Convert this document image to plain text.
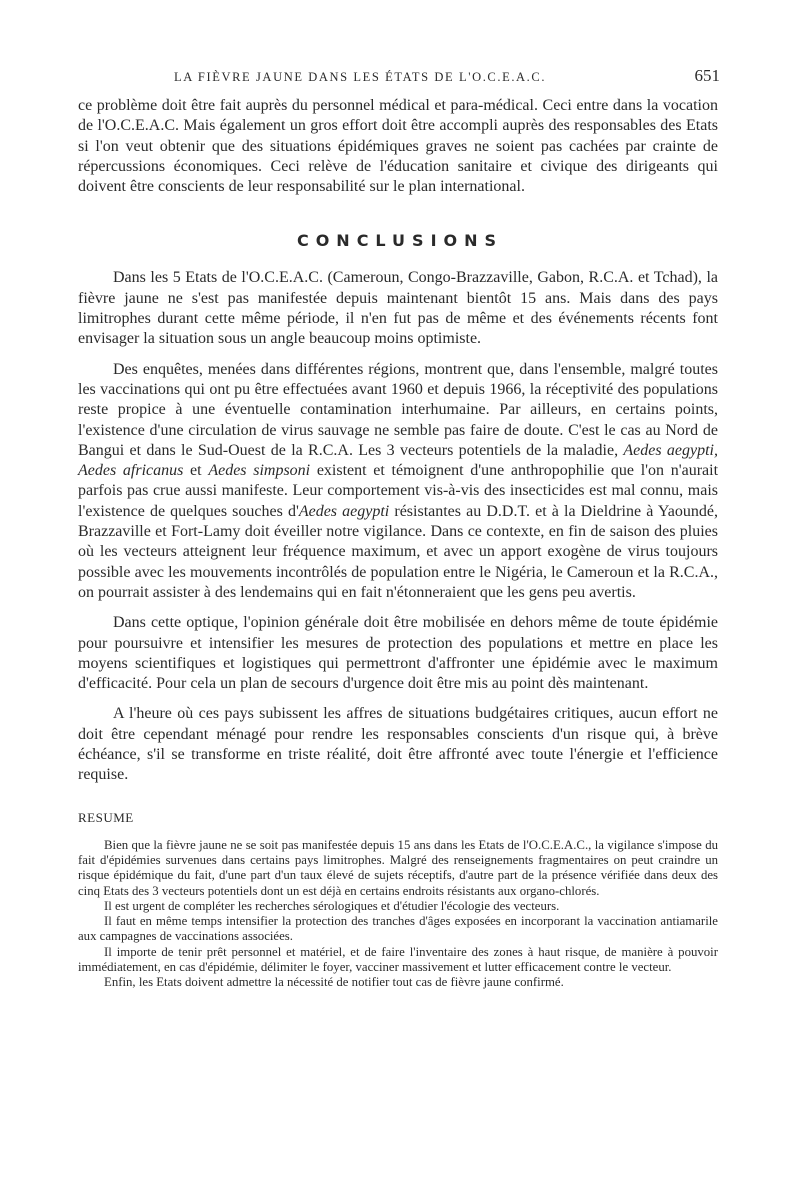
LA FIÈVRE JAUNE DANS LES ÉTATS DE L'O.C.E.A.C.	651

ce problème doit être fait auprès du personnel médical et para-médical. Ceci entre dans la vocation de l'O.C.E.A.C. Mais également un gros effort doit être accompli auprès des responsables des Etats si l'on veut obtenir que des situations épidémiques graves ne soient pas cachées par crainte de répercussions économiques. Ceci relève de l'éducation sanitaire et civique des dirigeants qui doivent être conscients de leur responsabilité sur le plan international.

CONCLUSIONS

Dans les 5 Etats de l'O.C.E.A.C. (Cameroun, Congo-Brazzaville, Gabon, R.C.A. et Tchad), la fièvre jaune ne s'est pas manifestée depuis maintenant bientôt 15 ans. Mais dans des pays limitrophes durant cette même période, il n'en fut pas de même et des événements récents font envisager la situation sous un angle beaucoup moins optimiste.

Des enquêtes, menées dans différentes régions, montrent que, dans l'ensemble, malgré toutes les vaccinations qui ont pu être effectuées avant 1960 et depuis 1966, la réceptivité des populations reste propice à une éventuelle contamination interhumaine. Par ailleurs, en certains points, l'existence d'une circulation de virus sauvage ne semble pas faire de doute. C'est le cas au Nord de Bangui et dans le Sud-Ouest de la R.C.A. Les 3 vecteurs potentiels de la maladie, Aedes aegypti, Aedes africanus et Aedes simpsoni existent et témoignent d'une anthropophilie que l'on n'aurait parfois pas crue aussi manifeste. Leur comportement vis-à-vis des insecticides est mal connu, mais l'existence de quelques souches d'Aedes aegypti résistantes au D.D.T. et à la Dieldrine à Yaoundé, Brazzaville et Fort-Lamy doit éveiller notre vigilance. Dans ce contexte, en fin de saison des pluies où les vecteurs atteignent leur fréquence maximum, et avec un apport exogène de virus toujours possible avec les mouvements incontrôlés de population entre le Nigéria, le Cameroun et la R.C.A., on pourrait assister à des lendemains qui en fait n'étonneraient que les gens peu avertis.

Dans cette optique, l'opinion générale doit être mobilisée en dehors même de toute épidémie pour poursuivre et intensifier les mesures de protection des populations et mettre en place les moyens scientifiques et logistiques qui permettront d'affronter une épidémie avec le maximum d'efficacité. Pour cela un plan de secours d'urgence doit être mis au point dès maintenant.

A l'heure où ces pays subissent les affres de situations budgétaires critiques, aucun effort ne doit être cependant ménagé pour rendre les responsables conscients d'un risque qui, à brève échéance, s'il se transforme en triste réalité, doit être affronté avec toute l'énergie et l'efficience requise.

RESUME

Bien que la fièvre jaune ne se soit pas manifestée depuis 15 ans dans les Etats de l'O.C.E.A.C., la vigilance s'impose du fait d'épidémies survenues dans certains pays limitrophes. Malgré des renseignements fragmentaires on peut craindre un risque épidémique du fait, d'une part d'un taux élevé de sujets réceptifs, d'autre part de la présence vérifiée dans deux des cinq Etats des 3 vecteurs potentiels dont un est déjà en certains endroits résistants aux organo-chlorés.

Il est urgent de compléter les recherches sérologiques et d'étudier l'écologie des vecteurs.

Il faut en même temps intensifier la protection des tranches d'âges exposées en incorporant la vaccination antiamarile aux campagnes de vaccinations associées.

Il importe de tenir prêt personnel et matériel, et de faire l'inventaire des zones à haut risque, de manière à pouvoir immédiatement, en cas d'épidémie, délimiter le foyer, vacciner massivement et lutter efficacement contre le vecteur.

Enfin, les Etats doivent admettre la nécessité de notifier tout cas de fièvre jaune confirmé.
